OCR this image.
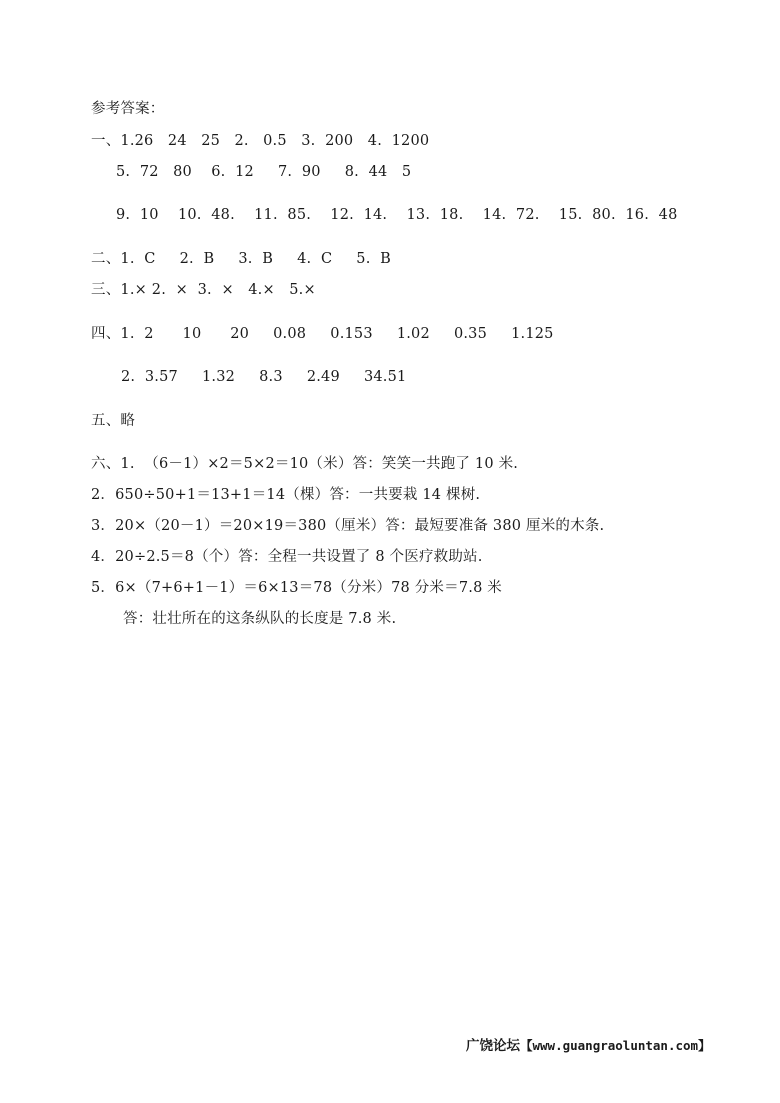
参考答案：
一、1.26   24   25   2.   0.5   3.  200   4.  1200
5.  72   80    6.  12     7.  90     8.  44   5
9.  10    10.  48.    11.  85.    12.  14.    13.  18.    14.  72.    15.  80.  16.  48
二、1.  C     2.  B     3.  B     4.  C     5.  B
三、1.× 2.  ×  3.  ×   4.×   5.×
四、1.  2      10      20     0.08     0.153     1.02     0.35     1.125
2.  3.57     1.32     8.3     2.49     34.51
五、略
六、1.  （6－1）×2＝5×2＝10（米）答：笑笑一共跑了 10 米.
2．650÷50+1＝13+1＝14（棵）答：一共要栽 14 棵树.
3．20×（20－1）＝20×19＝380（厘米）答：最短要准备 380 厘米的木条.
4．20÷2.5＝8（个）答：全程一共设置了 8 个医疗救助站.
5．6×（7+6+1－1）＝6×13＝78（分米）78 分米＝7.8 米
答：壮壮所在的这条纵队的长度是 7.8 米.
广饶论坛【www.guangraoluntan.com】
